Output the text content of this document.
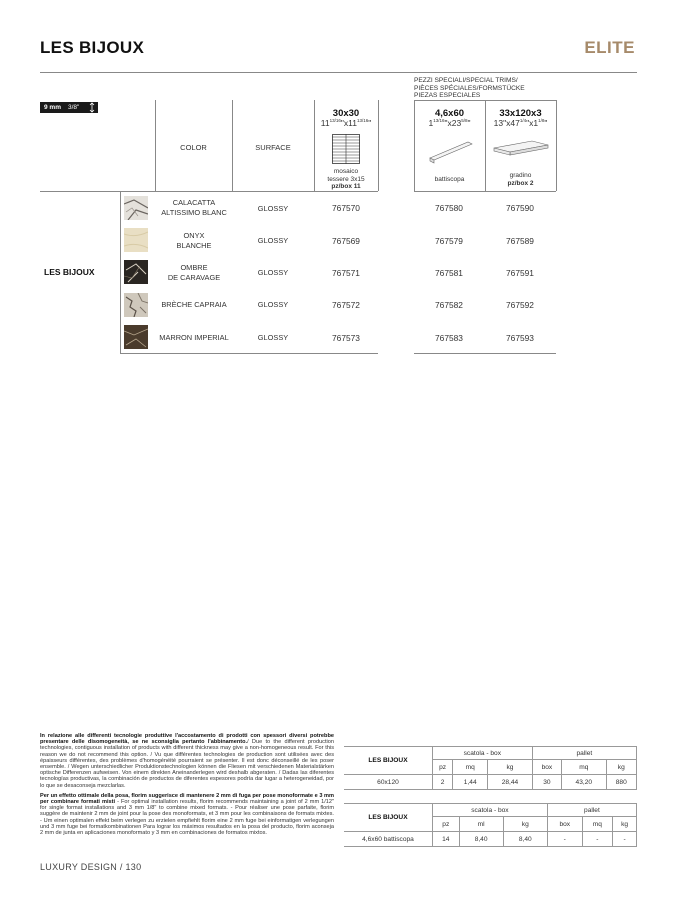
LES BIJOUX	ELITE
PEZZI SPECIALI/SPECIAL TRIMS/
PIÈCES SPÉCIALES/FORMSTÜCKE
PIEZAS ESPECIALES
9 mm 3/8"
COLOR	SURFACE
30x30
$11^{13/16}"x11^{13/16}$"
mosaico
tessere 3x15
pz/box 11
4,6x60
$1^{13/16}"x23^{5/8}$"
battiscopa
33x120x3
$13"x47^{1/4}"x1^{1/8}$"
gradino
pz/box 2
LES BIJOUX
CALACATTA
ALTISSIMO BLANC	GLOSSY	767570	767580	767590
ONYX
BLANCHE
GLOSSY	767569	767579	767589
OMBRE
DE CARAVAGE
GLOSSY	767571	767581	767591
BRÈCHE CAPRAIA	GLOSSY	767572	767582	767592
MARRON IMPERIAL	GLOSSY	767573	767583	767593

In relazione alle differenti tecnologie produttive l'accostamento di prodotti con spessori diversi potrebbe presentare delle disomogeneità, se ne sconsiglia pertanto l'abbinamento./ Due to the different production technologies, contiguous installation of products with different thickness may give a non-homogeneous result. For this reason we do not recommend this option. / Vu que différentes technologies de production sont utilisées avec des épaisseurs différentes, des problèmes d'homogénéité pourraient se présenter. Il est donc déconseillé de les poser ensemble. / Wegen unterschiedlicher Produktionstechnologien können die Fliesen mit verschiedenen Materialstärken optische Differenzen aufweisen. Von einem direkten Aneinanderlegen wird deshalb abgeraten. / Dadas las diferentes tecnologías productivas, la combinación de productos de diferentes espesores podría dar lugar a heterogeneidad, por lo que se desaconseja mezclarlas.

Per un effetto ottimale della posa, florim suggerisce di mantenere 2 mm di fuga per pose monoformate e 3 mm per combinare formati misti - For optimal installation results, florim recommends maintaining a joint of 2 mm 1/12" for single format installations and 3 mm 1/8" to combine mixed formats. - Pour réaliser une pose parfaite, florim suggère de maintenir 2 mm de joint pour la pose des monoformats, et 3 mm pour les combinaisons de formats mixtes. - Um einen optimalen effekt beim verlegen zu erzielen empfiehlt florim eine 2 mm fuge bei einformatigen verlegungen und 3 mm fuge bei formatkombinationen Para lograr los máximos resultados en la posa del producto, florim aconseja 2 mm de junta en aplicaciones monoformato y 3 mm en combinaciones de formatos mixtos.

LES BIJOUX	scatola - box			pallet		
	pz	mq	kg	box	mq	kg
60x120	2	1,44	28,44	30	43,20	880
LES BIJOUX	scatola - box			pallet		
	pz	ml	kg	box	mq	kg
4,6x60 battiscopa	14	8,40	8,40	-	-	-
LUXURY DESIGN / 130
